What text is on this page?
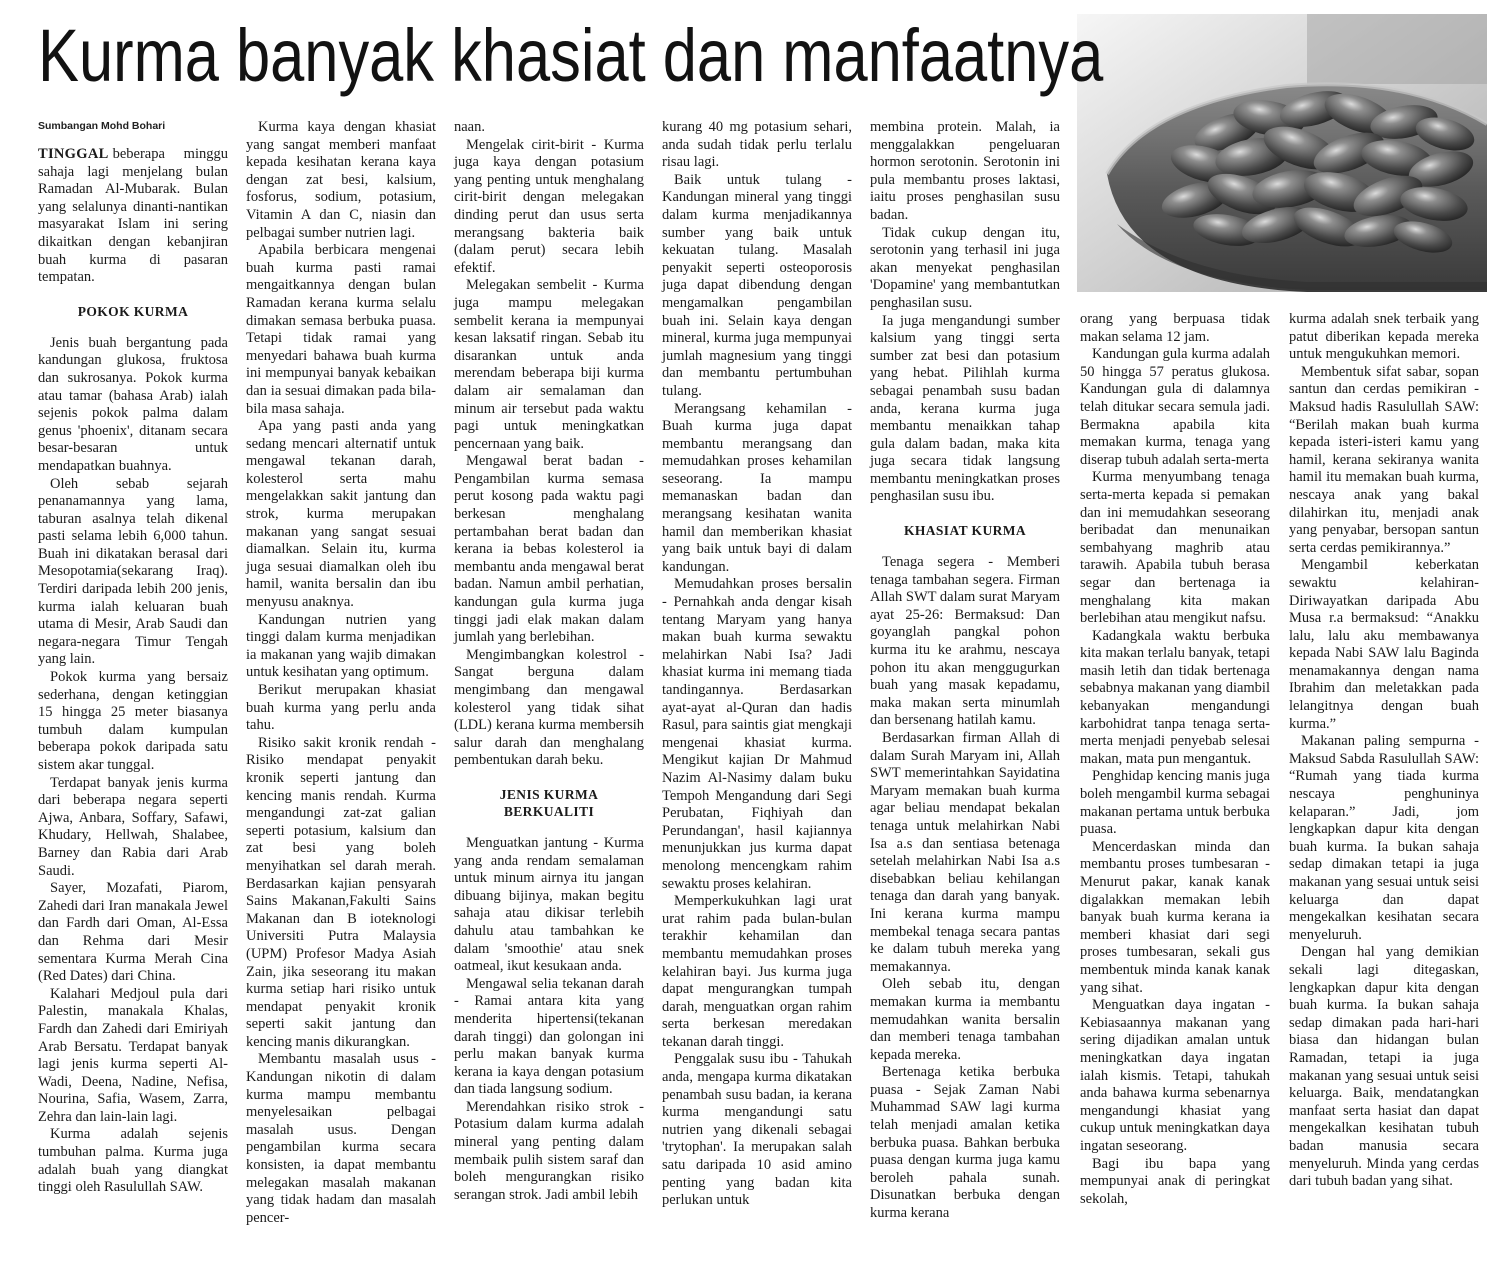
Kurma banyak khasiat dan manfaatnya
Sumbangan Mohd Bohari

TINGGAL beberapa minggu sahaja lagi menjelang bulan Ramadan Al-Mubarak. Bulan yang selalunya dinanti-nantikan masyarakat Islam ini sering dikaitkan dengan kebanjiran buah kurma di pasaran tempatan.

POKOK KURMA

Jenis buah bergantung pada kandungan glukosa, fruktosa dan sukrosanya. Pokok kurma atau tamar (bahasa Arab) ialah sejenis pokok palma dalam genus 'phoenix', ditanam secara besar-besaran untuk mendapatkan buahnya.

Oleh sebab sejarah penanamannya yang lama, taburan asalnya telah dikenal pasti selama lebih 6,000 tahun. Buah ini dikatakan berasal dari Mesopotamia(sekarang Iraq). Terdiri daripada lebih 200 jenis, kurma ialah keluaran buah utama di Mesir, Arab Saudi dan negara-negara Timur Tengah yang lain.

Pokok kurma yang bersaiz sederhana, dengan ketinggian 15 hingga 25 meter biasanya tumbuh dalam kumpulan beberapa pokok daripada satu sistem akar tunggal.

Terdapat banyak jenis kurma dari beberapa negara seperti Ajwa, Anbara, Soffary, Safawi, Khudary, Hellwah, Shalabee, Barney dan Rabia dari Arab Saudi.

Sayer, Mozafati, Piarom, Zahedi dari Iran manakala Jewel dan Fardh dari Oman, Al-Essa dan Rehma dari Mesir sementara Kurma Merah Cina (Red Dates) dari China.

Kalahari Medjoul pula dari Palestin, manakala Khalas, Fardh dan Zahedi dari Emiriyah Arab Bersatu. Terdapat banyak lagi jenis kurma seperti Al-Wadi, Deena, Nadine, Nefisa, Nourina, Safia, Wasem, Zarra, Zehra dan lain-lain lagi.

Kurma adalah sejenis tumbuhan palma. Kurma juga adalah buah yang diangkat tinggi oleh Rasulullah SAW.

Kurma kaya dengan khasiat yang sangat memberi manfaat kepada kesihatan kerana kaya dengan zat besi, kalsium, fosforus, sodium, potasium, Vitamin A dan C, niasin dan pelbagai sumber nutrien lagi.

Apabila berbicara mengenai buah kurma pasti ramai mengaitkannya dengan bulan Ramadan kerana kurma selalu dimakan semasa berbuka puasa. Tetapi tidak ramai yang menyedari bahawa buah kurma ini mempunyai banyak kebaikan dan ia sesuai dimakan pada bila-bila masa sahaja.

Apa yang pasti anda yang sedang mencari alternatif untuk mengawal tekanan darah, kolesterol serta mahu mengelakkan sakit jantung dan strok, kurma merupakan makanan yang sangat sesuai diamalkan. Selain itu, kurma juga sesuai diamalkan oleh ibu hamil, wanita bersalin dan ibu menyusu anaknya.

Kandungan nutrien yang tinggi dalam kurma menjadikan ia makanan yang wajib dimakan untuk kesihatan yang optimum.

Berikut merupakan khasiat buah kurma yang perlu anda tahu.

Risiko sakit kronik rendah - Risiko mendapat penyakit kronik seperti jantung dan kencing manis rendah. Kurma mengandungi zat-zat galian seperti potasium, kalsium dan zat besi yang boleh menyihatkan sel darah merah. Berdasarkan kajian pensyarah Sains Makanan,Fakulti Sains Makanan dan B ioteknologi Universiti Putra Malaysia (UPM) Profesor Madya Asiah Zain, jika seseorang itu makan kurma setiap hari risiko untuk mendapat penyakit kronik seperti sakit jantung dan kencing manis dikurangkan.

Membantu masalah usus - Kandungan nikotin di dalam kurma mampu membantu menyelesaikan pelbagai masalah usus. Dengan pengambilan kurma secara konsisten, ia dapat membantu melegakan masalah makanan yang tidak hadam dan masalah pencer-

naan.

Mengelak cirit-birit - Kurma juga kaya dengan potasium yang penting untuk menghalang cirit-birit dengan melegakan dinding perut dan usus serta merangsang bakteria baik (dalam perut) secara lebih efektif.

Melegakan sembelit - Kurma juga mampu melegakan sembelit kerana ia mempunyai kesan laksatif ringan. Sebab itu disarankan untuk anda merendam beberapa biji kurma dalam air semalaman dan minum air tersebut pada waktu pagi untuk meningkatkan pencernaan yang baik.

Mengawal berat badan - Pengambilan kurma semasa perut kosong pada waktu pagi berkesan menghalang pertambahan berat badan dan kerana ia bebas kolesterol ia membantu anda mengawal berat badan. Namun ambil perhatian, kandungan gula kurma juga tinggi jadi elak makan dalam jumlah yang berlebihan.

Mengimbangkan kolestrol - Sangat berguna dalam mengimbang dan mengawal kolesterol yang tidak sihat (LDL) kerana kurma membersih salur darah dan menghalang pembentukan darah beku.

JENIS KURMA BERKUALITI

Menguatkan jantung - Kurma yang anda rendam semalaman untuk minum airnya itu jangan dibuang bijinya, makan begitu sahaja atau dikisar terlebih dahulu atau tambahkan ke dalam 'smoothie' atau snek oatmeal, ikut kesukaan anda.

Mengawal selia tekanan darah - Ramai antara kita yang menderita hipertensi(tekanan darah tinggi) dan golongan ini perlu makan banyak kurma kerana ia kaya dengan potasium dan tiada langsung sodium.

Merendahkan risiko strok - Potasium dalam kurma adalah mineral yang penting dalam membaik pulih sistem saraf dan boleh mengurangkan risiko serangan strok. Jadi ambil lebih

kurang 40 mg potasium sehari, anda sudah tidak perlu terlalu risau lagi.

Baik untuk tulang - Kandungan mineral yang tinggi dalam kurma menjadikannya sumber yang baik untuk kekuatan tulang. Masalah penyakit seperti osteoporosis juga dapat dibendung dengan mengamalkan pengambilan buah ini. Selain kaya dengan mineral, kurma juga mempunyai jumlah magnesium yang tinggi dan membantu pertumbuhan tulang.

Merangsang kehamilan - Buah kurma juga dapat membantu merangsang dan memudahkan proses kehamilan seseorang. Ia mampu memanaskan badan dan merangsang kesihatan wanita hamil dan memberikan khasiat yang baik untuk bayi di dalam kandungan.

Memudahkan proses bersalin - Pernahkah anda dengar kisah tentang Maryam yang hanya makan buah kurma sewaktu melahirkan Nabi Isa? Jadi khasiat kurma ini memang tiada tandingannya. Berdasarkan ayat-ayat al-Quran dan hadis Rasul, para saintis giat mengkaji mengenai khasiat kurma. Mengikut kajian Dr Mahmud Nazim Al-Nasimy dalam buku Tempoh Mengandung dari Segi Perubatan, Fiqhiyah dan Perundangan', hasil kajiannya menunjukkan jus kurma dapat menolong mencengkam rahim sewaktu proses kelahiran.

Memperkukuhkan lagi urat urat rahim pada bulan-bulan terakhir kehamilan dan membantu memudahkan proses kelahiran bayi. Jus kurma juga dapat mengurangkan tumpah darah, menguatkan organ rahim serta berkesan meredakan tekanan darah tinggi.

Penggalak susu ibu - Tahukah anda, mengapa kurma dikatakan penambah susu badan, ia kerana kurma mengandungi satu nutrien yang dikenali sebagai 'trytophan'. Ia merupakan salah satu daripada 10 asid amino penting yang badan kita perlukan untuk

membina protein. Malah, ia menggalakkan pengeluaran hormon serotonin. Serotonin ini pula membantu proses laktasi, iaitu proses penghasilan susu badan.

Tidak cukup dengan itu, serotonin yang terhasil ini juga akan menyekat penghasilan 'Dopamine' yang membantutkan penghasilan susu.

Ia juga mengandungi sumber kalsium yang tinggi serta sumber zat besi dan potasium yang hebat. Pilihlah kurma sebagai penambah susu badan anda, kerana kurma juga membantu menaikkan tahap gula dalam badan, maka kita juga secara tidak langsung membantu meningkatkan proses penghasilan susu ibu.

KHASIAT KURMA

Tenaga segera - Memberi tenaga tambahan segera. Firman Allah SWT dalam surat Maryam ayat 25-26: Bermaksud: Dan goyanglah pangkal pohon kurma itu ke arahmu, nescaya pohon itu akan menggugurkan buah yang masak kepadamu, maka makan serta minumlah dan bersenang hatilah kamu.

Berdasarkan firman Allah di dalam Surah Maryam ini, Allah SWT memerintahkan Sayidatina Maryam memakan buah kurma agar beliau mendapat bekalan tenaga untuk melahirkan Nabi Isa a.s dan sentiasa betenaga setelah melahirkan Nabi Isa a.s disebabkan beliau kehilangan tenaga dan darah yang banyak. Ini kerana kurma mampu membekal tenaga secara pantas ke dalam tubuh mereka yang memakannya.

Oleh sebab itu, dengan memakan kurma ia membantu memudahkan wanita bersalin dan memberi tenaga tambahan kepada mereka.

Bertenaga ketika berbuka puasa - Sejak Zaman Nabi Muhammad SAW lagi kurma telah menjadi amalan ketika berbuka puasa. Bahkan berbuka puasa dengan kurma juga kamu beroleh pahala sunah. Disunatkan berbuka dengan kurma kerana

orang yang berpuasa tidak makan selama 12 jam.

Kandungan gula kurma adalah 50 hingga 57 peratus glukosa. Kandungan gula di dalamnya telah ditukar secara semula jadi. Bermakna apabila kita memakan kurma, tenaga yang diserap tubuh adalah serta-merta

Kurma menyumbang tenaga serta-merta kepada si pemakan dan ini memudahkan seseorang beribadat dan menunaikan sembahyang maghrib atau tarawih. Apabila tubuh berasa segar dan bertenaga ia menghalang kita makan berlebihan atau mengikut nafsu.

Kadangkala waktu berbuka kita makan terlalu banyak, tetapi masih letih dan tidak bertenaga sebabnya makanan yang diambil kebanyakan mengandungi karbohidrat tanpa tenaga serta-merta menjadi penyebab selesai makan, mata pun mengantuk.

Penghidap kencing manis juga boleh mengambil kurma sebagai makanan pertama untuk berbuka puasa.

Mencerdaskan minda dan membantu proses tumbesaran - Menurut pakar, kanak kanak digalakkan memakan lebih banyak buah kurma kerana ia memberi khasiat dari segi proses tumbesaran, sekali gus membentuk minda kanak kanak yang sihat.

Menguatkan daya ingatan - Kebiasaannya makanan yang sering dijadikan amalan untuk meningkatkan daya ingatan ialah kismis. Tetapi, tahukah anda bahawa kurma sebenarnya mengandungi khasiat yang cukup untuk meningkatkan daya ingatan seseorang.

Bagi ibu bapa yang mempunyai anak di peringkat sekolah,

kurma adalah snek terbaik yang patut diberikan kepada mereka untuk mengukuhkan memori.

Membentuk sifat sabar, sopan santun dan cerdas pemikiran - Maksud hadis Rasulullah SAW: “Berilah makan buah kurma kepada isteri-isteri kamu yang hamil, kerana sekiranya wanita hamil itu memakan buah kurma, nescaya anak yang bakal dilahirkan itu, menjadi anak yang penyabar, bersopan santun serta cerdas pemikirannya.”

Mengambil keberkatan sewaktu kelahiran- Diriwayatkan daripada Abu Musa r.a bermaksud: “Anakku lalu, lalu aku membawanya kepada Nabi SAW lalu Baginda menamakannya dengan nama Ibrahim dan meletakkan pada lelangitnya dengan buah kurma.”

Makanan paling sempurna - Maksud Sabda Rasulullah SAW: “Rumah yang tiada kurma nescaya penghuninya kelaparan.” Jadi, jom lengkapkan dapur kita dengan buah kurma. Ia bukan sahaja sedap dimakan tetapi ia juga makanan yang sesuai untuk seisi keluarga dan dapat mengekalkan kesihatan secara menyeluruh.

Dengan hal yang demikian sekali lagi ditegaskan, lengkapkan dapur kita dengan buah kurma. Ia bukan sahaja sedap dimakan pada hari-hari biasa dan hidangan bulan Ramadan, tetapi ia juga makanan yang sesuai untuk seisi keluarga. Baik, mendatangkan manfaat serta hasiat dan dapat mengekalkan kesihatan tubuh badan manusia secara menyeluruh. Minda yang cerdas dari tubuh badan yang sihat.
